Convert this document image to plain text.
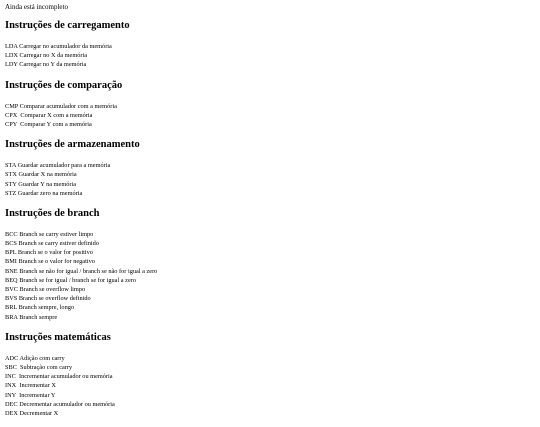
Ainda está incompleto
Instruções de carregamento
LDA Carregar no acumulador da memória
LDX Carregar no X da memória
LDY Carregar no Y da memória
Instruções de comparação
CMP Comparar acumulador com a memória
CPX  Comparar X com a memória
CPY  Comparar Y com a memória
Instruções de armazenamento
STA Guardar acumulador para a memória
STX Guardar X na memória
STY Guardar Y na memória
STZ Guardar zero na memória
Instruções de branch
BCC Branch se carry estiver limpo
BCS Branch se carry estiver definido
BPL Branch se o valor for positivo
BMI Branch se o valor for negativo
BNE Branch se não for igual / branch se não for igual a zero
BEQ Branch se for igual / branch se for igual a zero
BVC Branch se overflow limpo
BVS Branch se overflow definido
BRL Branch sempre, longo
BRA Branch sempre
Instruções matemáticas
ADC Adição com carry
SBC  Subtração com carry
INC  Incrementar acumulador ou memória
INX  Incrementar X
INY  Incrementar Y
DEC Decrementar acumulador ou memória
DEX Decrementar X
